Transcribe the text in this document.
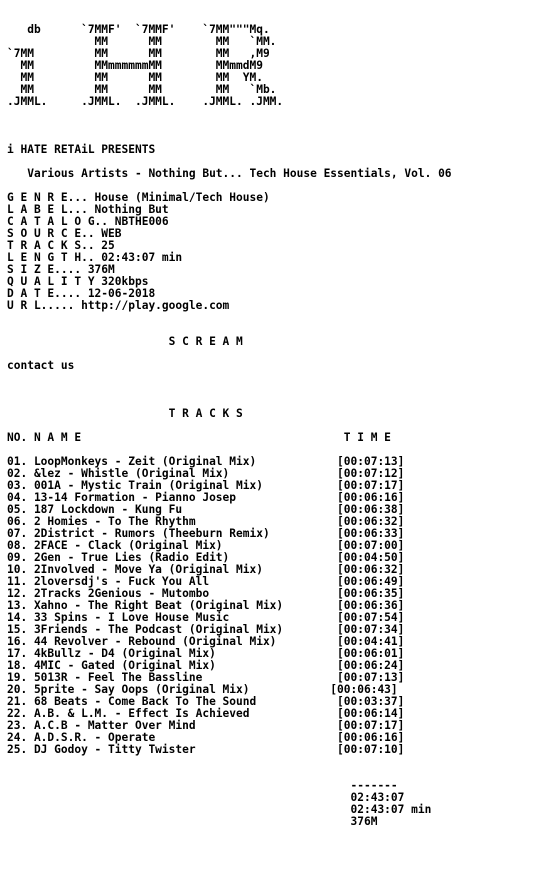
db      `7MMF'  `7MMF'    `7MM"""Mq.
MM      MM        MM   `MM.
`7MM         MM      MM        MM   ,M9
MM         MMmmmmmmMM        MMmmdM9
MM         MM      MM        MM  YM.
MM         MM      MM        MM   `Mb.
.JMML.     .JMML.  .JMML.    .JMML. .JMM.

i HATE RETAiL PRESENTS

Various Artists - Nothing But... Tech House Essentials, Vol. 06

G E N R E... House (Minimal/Tech House)
L A B E L... Nothing But
C A T A L O G.. NBTHE006
S O U R C E.. WEB
T R A C K S.. 25
L E N G T H.. 02:43:07 min
S I Z E.... 376M
Q U A L I T Y 320kbps
D A T E.... 12-06-2018
U R L..... http://play.google.com

S C R E A M

contact us

T R A C K S

NO. N A M E                                       T I M E

01. LoopMonkeys - Zeit (Original Mix)            [00:07:13]
02. &lez - Whistle (Original Mix)                [00:07:12]
03. 001A - Mystic Train (Original Mix)           [00:07:17]
04. 13-14 Formation - Pianno Josep               [00:06:16]
05. 187 Lockdown - Kung Fu                       [00:06:38]
06. 2 Homies - To The Rhythm                     [00:06:32]
07. 2District - Rumors (Theeburn Remix)          [00:06:33]
08. 2FACE - Clack (Original Mix)                 [00:07:00]
09. 2Gen - True Lies (Radio Edit)                [00:04:50]
10. 2Involved - Move Ya (Original Mix)           [00:06:32]
11. 2loversdj's - Fuck You All                   [00:06:49]
12. 2Tracks 2Genious - Mutombo                   [00:06:35]
13. Xahno - The Right Beat (Original Mix)        [00:06:36]
14. 33 Spins - I Love House Music                [00:07:54]
15. 3Friends - The Podcast (Original Mix)        [00:07:34]
16. 44 Revolver - Rebound (Original Mix)         [00:04:41]
17. 4kBullz - D4 (Original Mix)                  [00:06:01]
18. 4MIC - Gated (Original Mix)                  [00:06:24]
19. 5013R - Feel The Bassline                    [00:07:13]
20. 5prite - Say Oops (Original Mix)            [00:06:43]
21. 68 Beats - Come Back To The Sound            [00:03:37]
22. A.B. & L.M. - Effect Is Achieved             [00:06:14]
23. A.C.B - Matter Over Mind                     [00:07:17]
24. A.D.S.R. - Operate                           [00:06:16]
25. DJ Godoy - Titty Twister                     [00:07:10]

-------
02:43:07
02:43:07 min
376M
